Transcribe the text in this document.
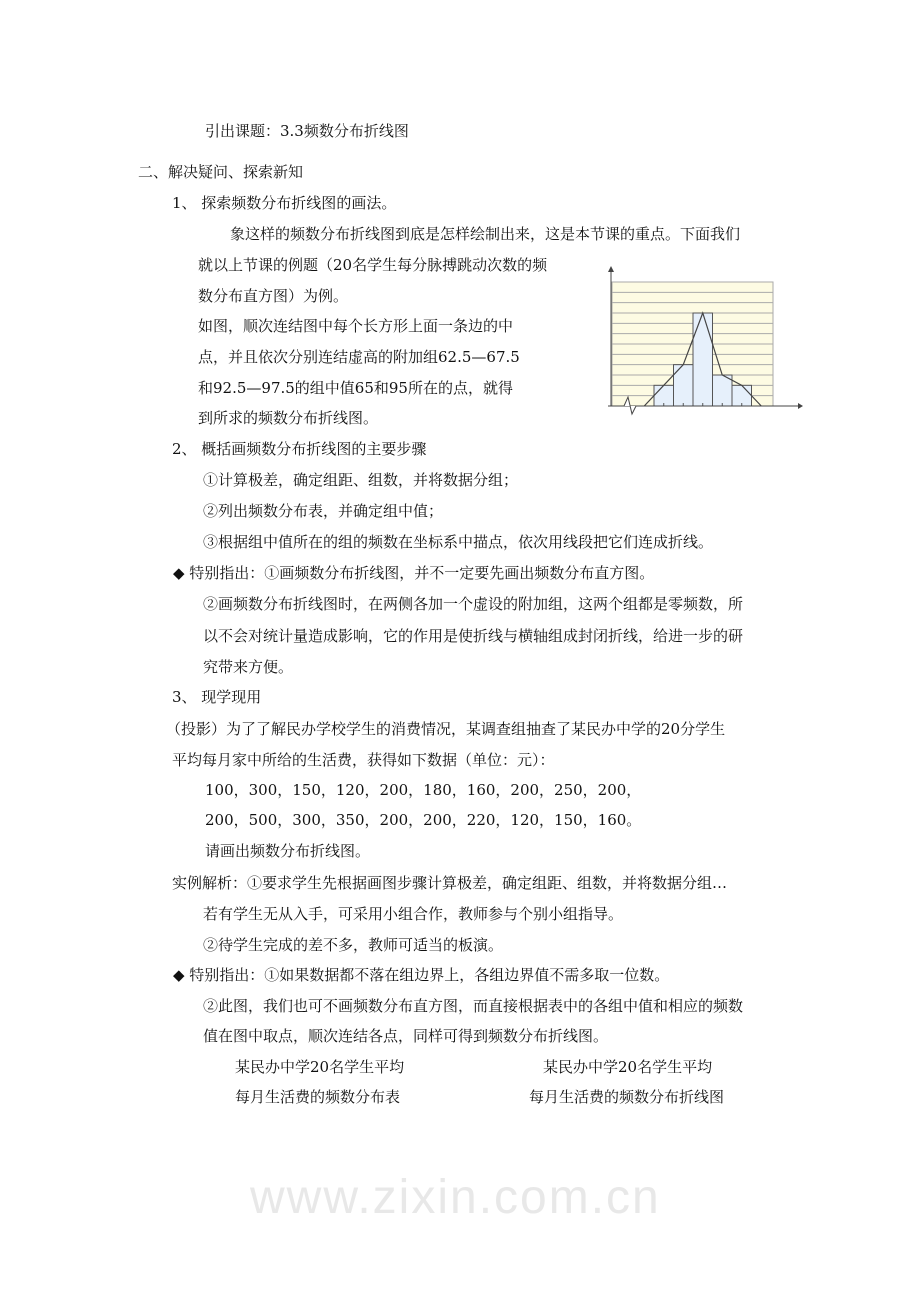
www.zixin.com.cn
引出课题：3.3频数分布折线图
二、解决疑问、探索新知
1、 探索频数分布折线图的画法。
象这样的频数分布折线图到底是怎样绘制出来，这是本节课的重点。下面我们
就以上节课的例题（20名学生每分脉搏跳动次数的频
数分布直方图）为例。
如图，顺次连结图中每个长方形上面一条边的中
点，并且依次分别连结虚高的附加组62.5—67.5
和92.5—97.5的组中值65和95所在的点，就得
到所求的频数分布折线图。
2、 概括画频数分布折线图的主要步骤
①计算极差，确定组距、组数，并将数据分组；
②列出频数分布表，并确定组中值；
③根据组中值所在的组的频数在坐标系中描点，依次用线段把它们连成折线。
◆ 特别指出：①画频数分布折线图，并不一定要先画出频数分布直方图。
②画频数分布折线图时，在两侧各加一个虚设的附加组，这两个组都是零频数，所
以不会对统计量造成影响，它的作用是使折线与横轴组成封闭折线，给进一步的研
究带来方便。
3、 现学现用
（投影）为了了解民办学校学生的消费情况，某调查组抽查了某民办中学的20分学生
平均每月家中所给的生活费，获得如下数据（单位：元）：
100，300，150，120，200，180，160，200，250，200，
200，500，300，350，200，200，220，120，150，160。
请画出频数分布折线图。
实例解析：①要求学生先根据画图步骤计算极差，确定组距、组数，并将数据分组…
若有学生无从入手，可采用小组合作，教师参与个别小组指导。
②待学生完成的差不多，教师可适当的板演。
◆ 特别指出：①如果数据都不落在组边界上，各组边界值不需多取一位数。
②此图，我们也可不画频数分布直方图，而直接根据表中的各组中值和相应的频数
值在图中取点，顺次连结各点，同样可得到频数分布折线图。
某民办中学20名学生平均	某民办中学20名学生平均
每月生活费的频数分布表	每月生活费的频数分布折线图
